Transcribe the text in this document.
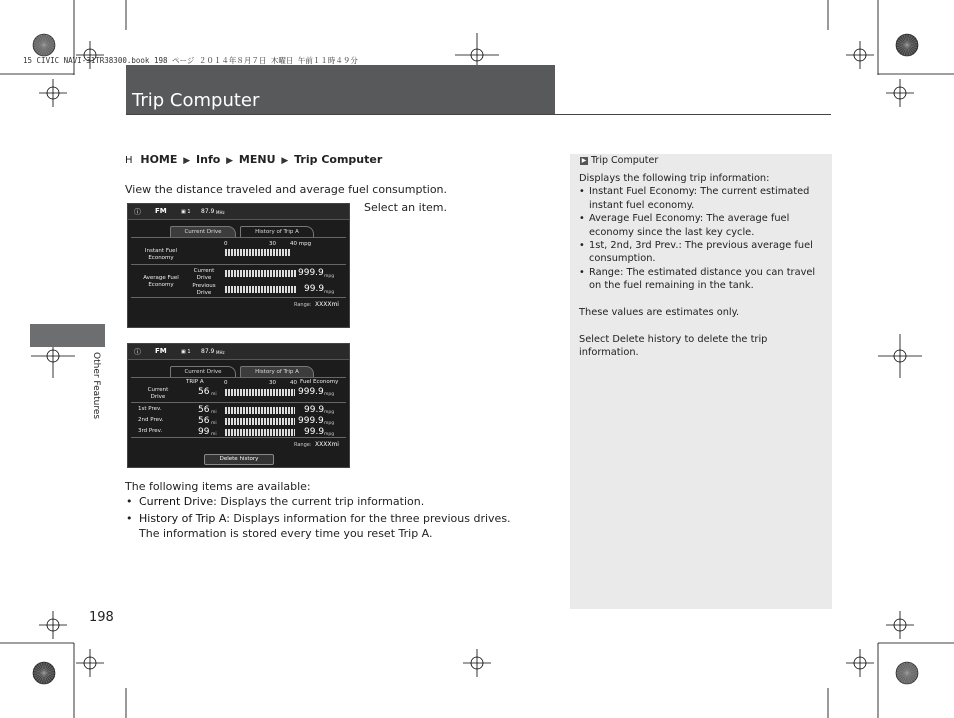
15 CIVIC NAVI-31TR38300.book 198 ページ ２０１４年８月７日 木曜日 午前１１時４９分
Trip Computer
Other Features
H HOME ▶ Info ▶ MENU ▶ Trip Computer
View the distance traveled and average fuel consumption.
Select an item.
ⓘ FM	▣ 1 87.9 MHz
Current Drive	History of Trip A
0	30	40 mpg
Instant Fuel Economy
Average Fuel Economy
Current Drive	999.9 mpg
Previous Drive	99.9 mpg
Range: XXXXmi
ⓘ FM	▣ 1 87.9 MHz
Current Drive	History of Trip A
TRIP A	0	30	40 Fuel Economy
Current Drive	56 mi	999.9 mpg
1st Prev.	56 mi	99.9 mpg
2nd Prev.	56 mi	999.9 mpg
3rd Prev.	99 mi	99.9 mpg
Range: XXXXmi
Delete history
The following items are available:
• Current Drive: Displays the current trip information.
• History of Trip A: Displays information for the three previous drives. The information is stored every time you reset Trip A.
198
▶ Trip Computer

Displays the following trip information:

• Instant Fuel Economy: The current estimated instant fuel economy.
• Average Fuel Economy: The average fuel economy since the last key cycle.
• 1st, 2nd, 3rd Prev.: The previous average fuel consumption.
• Range: The estimated distance you can travel on the fuel remaining in the tank.

These values are estimates only.

Select Delete history to delete the trip information.
